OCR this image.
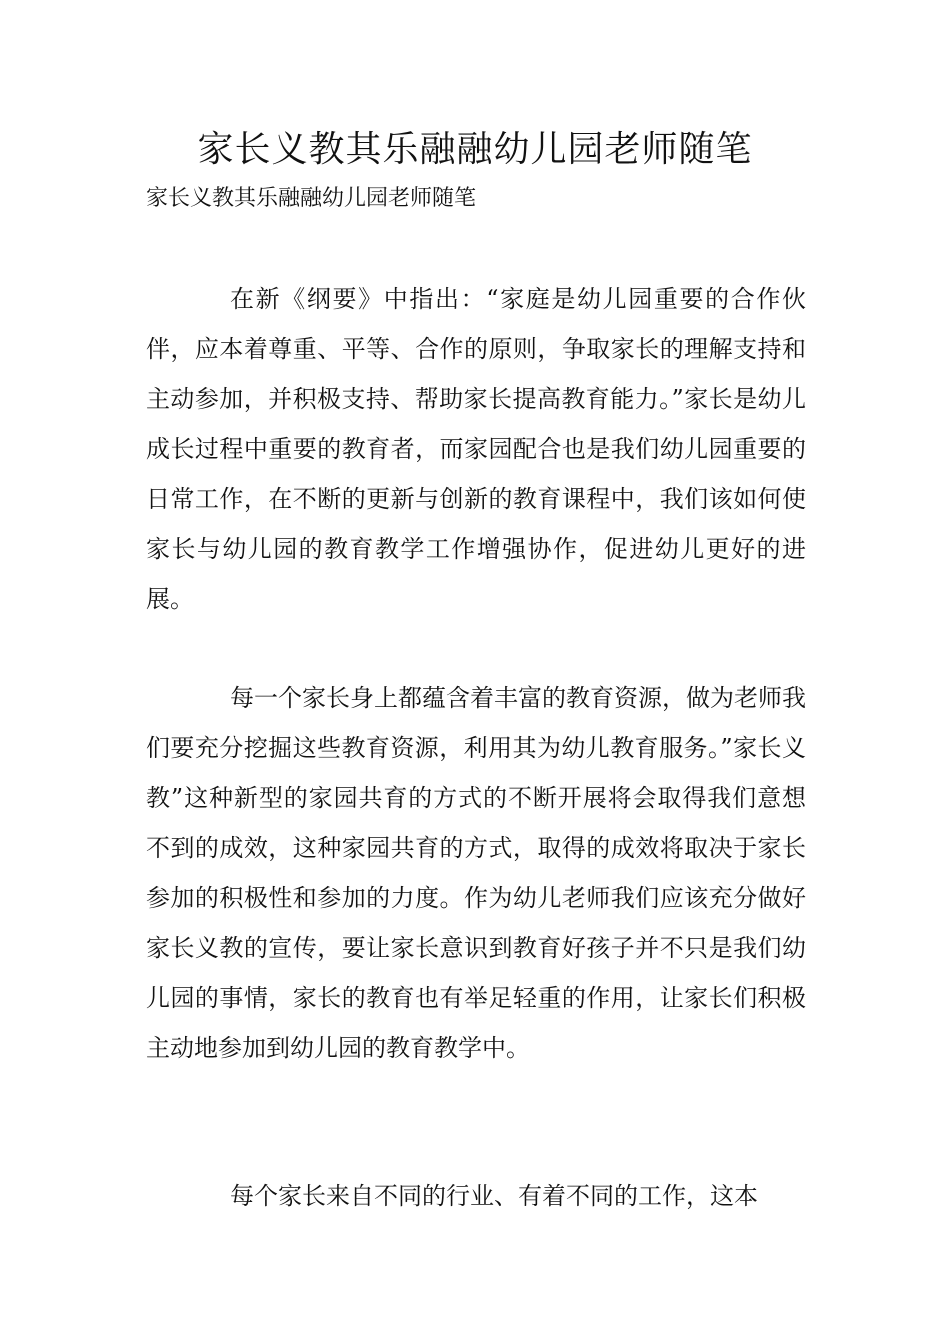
家长义教其乐融融幼儿园老师随笔

家长义教其乐融融幼儿园老师随笔

在新《纲要》中指出：“家庭是幼儿园重要的合作伙伴，应本着尊重、平等、合作的原则，争取家长的理解支持和主动参加，并积极支持、帮助家长提高教育能力。”家长是幼儿成长过程中重要的教育者，而家园配合也是我们幼儿园重要的日常工作，在不断的更新与创新的教育课程中，我们该如何使家长与幼儿园的教育教学工作增强协作，促进幼儿更好的进展。

每一个家长身上都蕴含着丰富的教育资源，做为老师我们要充分挖掘这些教育资源，利用其为幼儿教育服务。”家长义教”这种新型的家园共育的方式的不断开展将会取得我们意想不到的成效，这种家园共育的方式，取得的成效将取决于家长参加的积极性和参加的力度。作为幼儿老师我们应该充分做好家长义教的宣传，要让家长意识到教育好孩子并不只是我们幼儿园的事情，家长的教育也有举足轻重的作用，让家长们积极主动地参加到幼儿园的教育教学中。

每个家长来自不同的行业、有着不同的工作，这本
